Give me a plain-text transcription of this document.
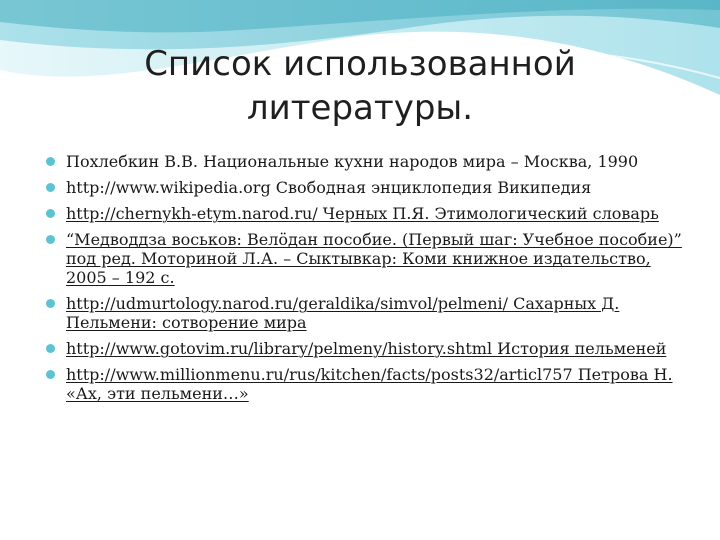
Список использованной
литературы.
Похлебкин В.В. Национальные кухни народов мира – Москва, 1990
http://www.wikipedia.org Свободная энциклопедия Википедия
http://chernykh-etym.narod.ru/ Черных П.Я. Этимологический словарь
“Медводдза воськов: Велӧдан пособие. (Первый шаг: Учебное пособие)” под ред. Моториной Л.А. – Сыктывкар: Коми книжное издательство, 2005 – 192 с.
http://udmurtology.narod.ru/geraldika/simvol/pelmeni/ Сахарных Д. Пельмени: сотворение мира
http://www.gotovim.ru/library/pelmeny/history.shtml История пельменей
http://www.millionmenu.ru/rus/kitchen/facts/posts32/articl757 Петрова Н. «Ах, эти пельмени…»
